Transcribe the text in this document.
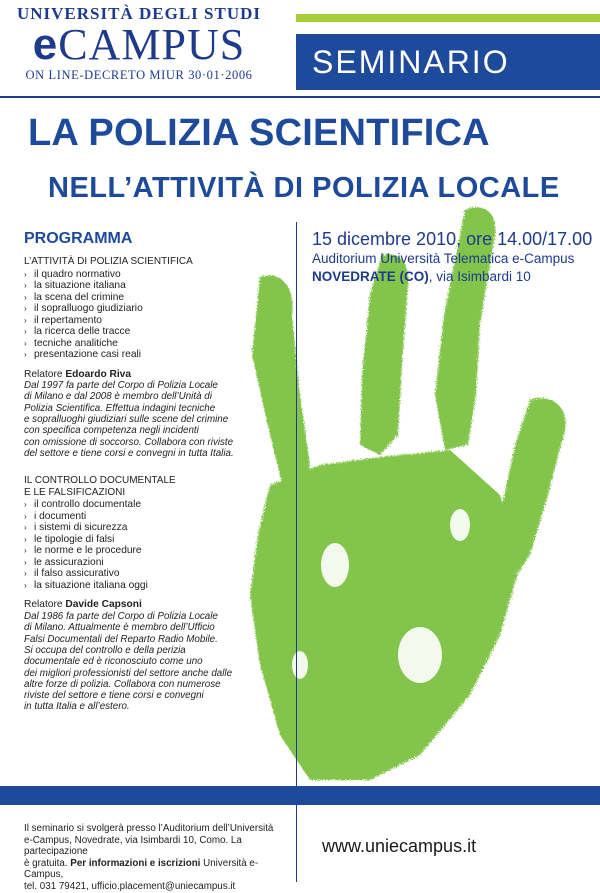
UNIVERSITÀ DEGLI STUDI
eCAMPUS
ON LINE-DECRETO MIUR 30·01·2006	SEMINARIO
LA POLIZIA SCIENTIFICA
NELL’ATTIVITÀ DI POLIZIA LOCALE
15 dicembre 2010, ore 14.00/17.00
Auditorium Università Telematica e-Campus
NOVEDRATE (CO), via Isimbardi 10
PROGRAMMA
L’ATTIVITÀ DI POLIZIA SCIENTIFICA
› il quadro normativo
› la situazione italiana
› la scena del crimine
› il sopralluogo giudiziario
› il repertamento
› la ricerca delle tracce
› tecniche analitiche
› presentazione casi reali
Relatore Edoardo Riva
Dal 1997 fa parte del Corpo di Polizia Locale
di Milano e dal 2008 è membro dell’Unità di
Polizia Scientifica. Effettua indagini tecniche
e sopralluoghi giudiziari sulle scene del crimine
con specifica competenza negli incidenti
con omissione di soccorso. Collabora con riviste
del settore e tiene corsi e convegni in tutta Italia.
IL CONTROLLO DOCUMENTALE
E LE FALSIFICAZIONI
› il controllo documentale
› i documenti
› i sistemi di sicurezza
› le tipologie di falsi
› le norme e le procedure
› le assicurazioni
› il falso assicurativo
› la situazione italiana oggi
Relatore Davide Capsoni
Dal 1986 fa parte del Corpo di Polizia Locale
di Milano. Attualmente è membro dell’Ufficio
Falsi Documentali del Reparto Radio Mobile.
Si occupa del controllo e della perizia
documentale ed è riconosciuto come uno
dei migliori professionisti del settore anche dalle
altre forze di polizia. Collabora con numerose
riviste del settore e tiene corsi e convegni
in tutta Italia e all’estero.
Il seminario si svolgerà presso l’Auditorium dell’Università
e-Campus, Novedrate, via Isimbardi 10, Como. La partecipazione
è gratuita. Per informazioni e iscrizioni Università e-Campus,
tel. 031 79421, ufficio.placement@uniecampus.it
www.uniecampus.it
